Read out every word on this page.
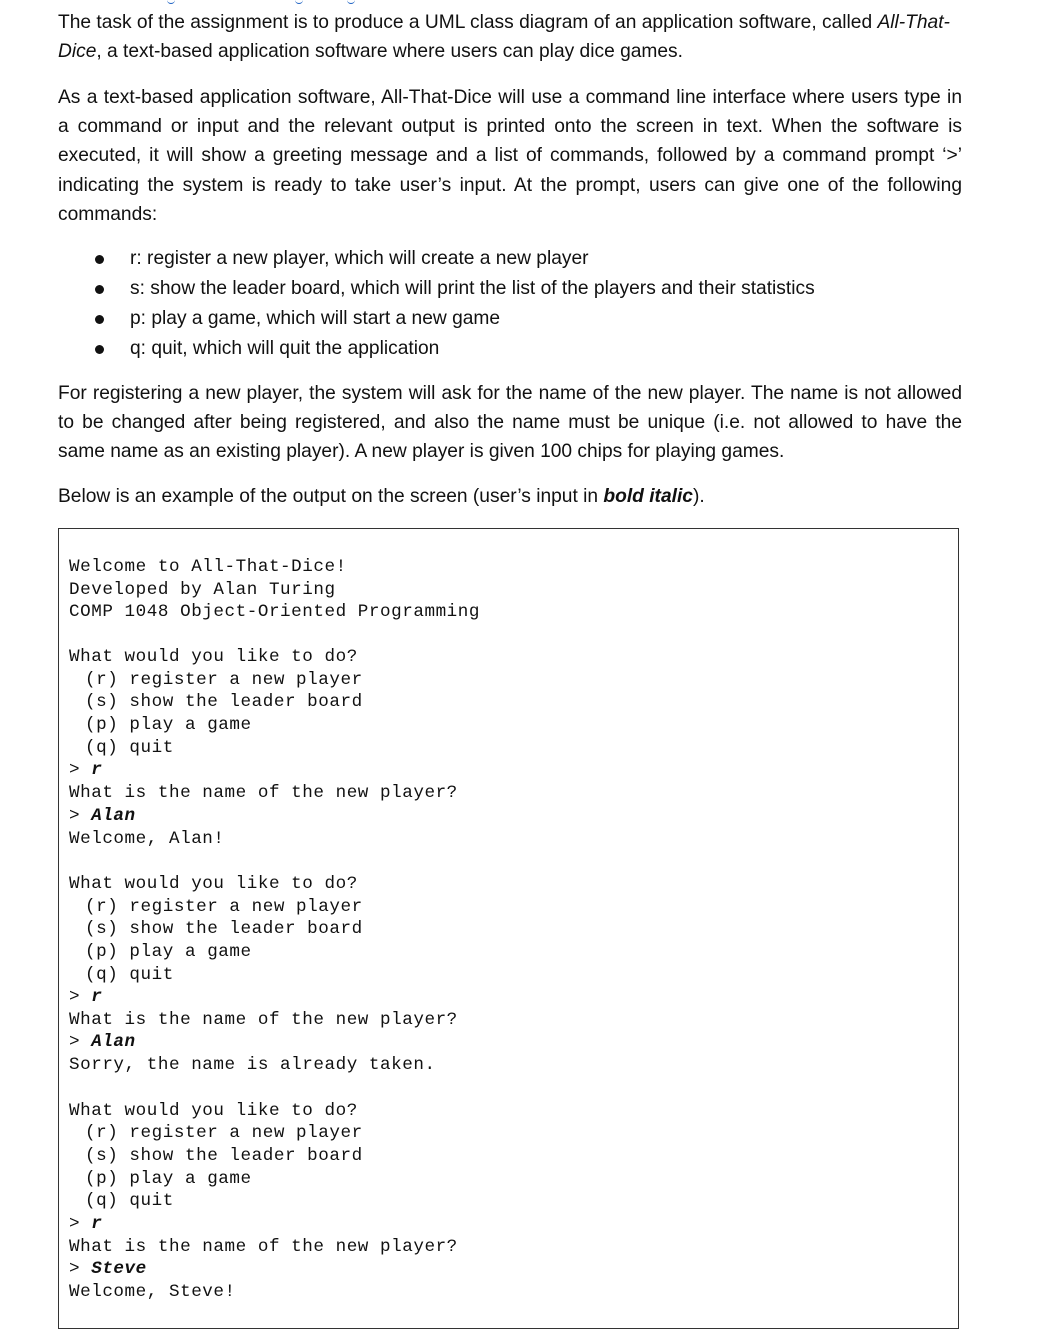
The task of the assignment is to produce a UML class diagram of an application software, called All-That-Dice, a text-based application software where users can play dice games.

As a text-based application software, All-That-Dice will use a command line interface where users type in a command or input and the relevant output is printed onto the screen in text. When the software is executed, it will show a greeting message and a list of commands, followed by a command prompt ‘>’ indicating the system is ready to take user’s input. At the prompt, users can give one of the following commands:

r: register a new player, which will create a new player
s: show the leader board, which will print the list of the players and their statistics
p: play a game, which will start a new game
q: quit, which will quit the application

For registering a new player, the system will ask for the name of the new player. The name is not allowed to be changed after being registered, and also the name must be unique (i.e. not allowed to have the same name as an existing player). A new player is given 100 chips for playing games.

Below is an example of the output on the screen (user’s input in bold italic).

Welcome to All-That-Dice!
Developed by Alan Turing
COMP 1048 Object-Oriented Programming
What would you like to do?
(r) register a new player
(s) show the leader board
(p) play a game
(q) quit
> r
What is the name of the new player?
> Alan
Welcome, Alan!
What would you like to do?
(r) register a new player
(s) show the leader board
(p) play a game
(q) quit
> r
What is the name of the new player?
> Alan
Sorry, the name is already taken.
What would you like to do?
(r) register a new player
(s) show the leader board
(p) play a game
(q) quit
> r
What is the name of the new player?
> Steve
Welcome, Steve!
